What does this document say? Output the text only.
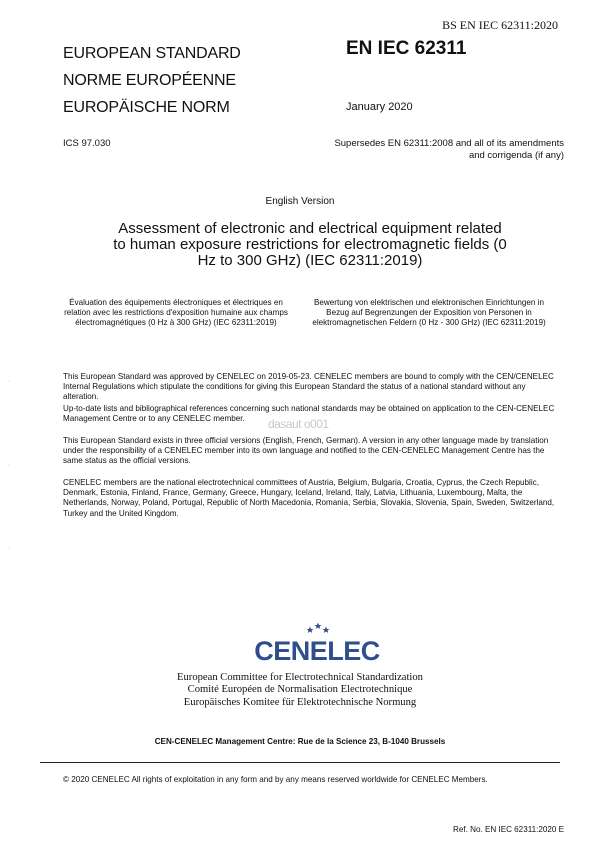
BS EN IEC 62311:2020
EUROPEAN STANDARD
NORME EUROPÉENNE
EUROPÄISCHE NORM
EN IEC 62311
January 2020
ICS 97.030	Supersedes EN 62311:2008 and all of its amendments and corrigenda (if any)
English Version
Assessment of electronic and electrical equipment related to human exposure restrictions for electromagnetic fields (0 Hz to 300 GHz) (IEC 62311:2019)
Évaluation des équipements électroniques et électriques en relation avec les restrictions d'exposition humaine aux champs électromagnétiques (0 Hz à 300 GHz) (IEC 62311:2019)
Bewertung von elektrischen und elektronischen Einrichtungen in Bezug auf Begrenzungen der Exposition von Personen in elektromagnetischen Feldern (0 Hz - 300 GHz) (IEC 62311:2019)
This European Standard was approved by CENELEC on 2019-05-23. CENELEC members are bound to comply with the CEN/CENELEC Internal Regulations which stipulate the conditions for giving this European Standard the status of a national standard without any alteration.
Up-to-date lists and bibliographical references concerning such national standards may be obtained on application to the CEN-CENELEC Management Centre or to any CENELEC member.	dasaut o001
This European Standard exists in three official versions (English, French, German). A version in any other language made by translation under the responsibility of a CENELEC member into its own language and notified to the CEN-CENELEC Management Centre has the same status as the official versions.
CENELEC members are the national electrotechnical committees of Austria, Belgium, Bulgaria, Croatia, Cyprus, the Czech Republic, Denmark, Estonia, Finland, France, Germany, Greece, Hungary, Iceland, Ireland, Italy, Latvia, Lithuania, Luxembourg, Malta, the Netherlands, Norway, Poland, Portugal, Republic of North Macedonia, Romania, Serbia, Slovakia, Slovenia, Spain, Sweden, Switzerland, Turkey and the United Kingdom.
·
·
·
CENELEC
European Committee for Electrotechnical Standardization
Comité Européen de Normalisation Electrotechnique
Europäisches Komitee für Elektrotechnische Normung
CEN-CENELEC Management Centre: Rue de la Science 23, B-1040 Brussels
© 2020 CENELEC All rights of exploitation in any form and by any means reserved worldwide for CENELEC Members.
Ref. No. EN IEC 62311:2020 E
